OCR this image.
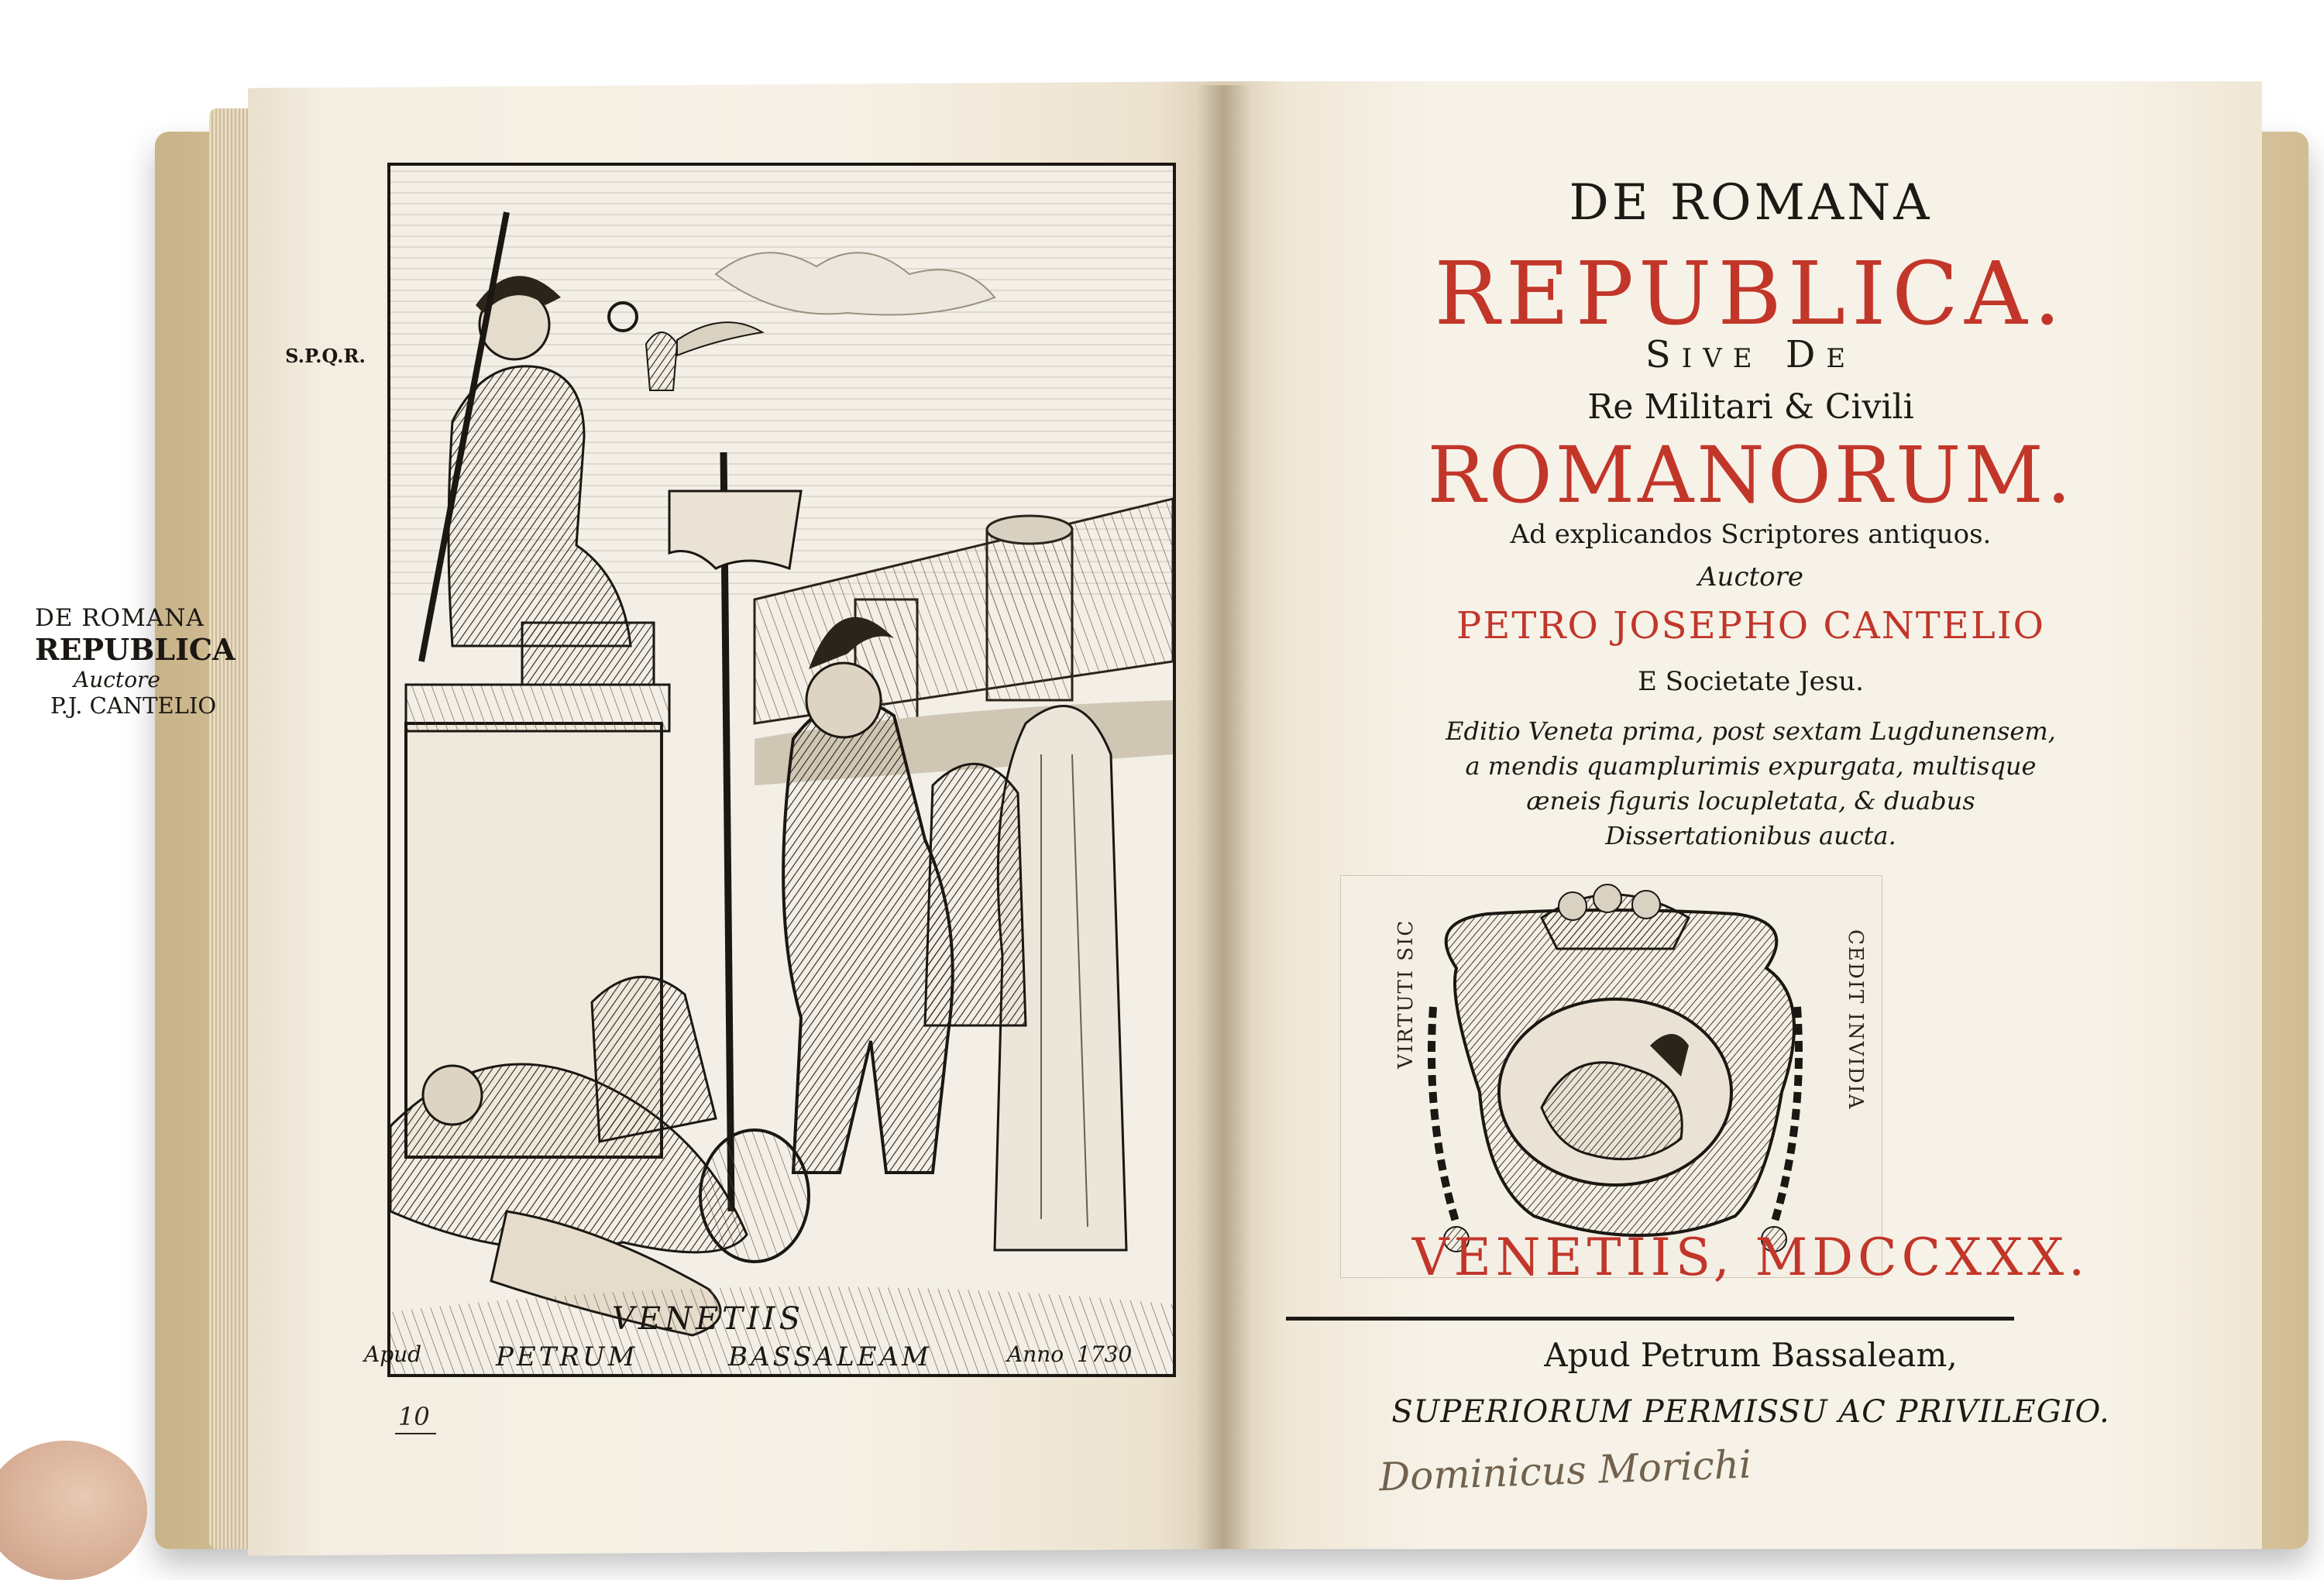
DE ROMANA
REPUBLICA
Auctore
P.J. CANTELIO
S.P.Q.R.
VENETIIS
Apud	PETRUM	BASSALEAM	Anno 1730
10
DE ROMANA
REPUBLICA.
Sive De
Re Militari & Civili
ROMANORUM.
Ad explicandos Scriptores antiquos.
Auctore
PETRO JOSEPHO CANTELIO
E Societate Jesu.
Editio Veneta prima, post sextam Lugdunensem,
a mendis quamplurimis expurgata, multisque
æneis figuris locupletata, & duabus
Dissertationibus aucta.
VENETIIS, MDCCXXX.
Apud Petrum Bassaleam,
SUPERIORUM PERMISSU AC PRIVILEGIO.
Dominicus Morichi
